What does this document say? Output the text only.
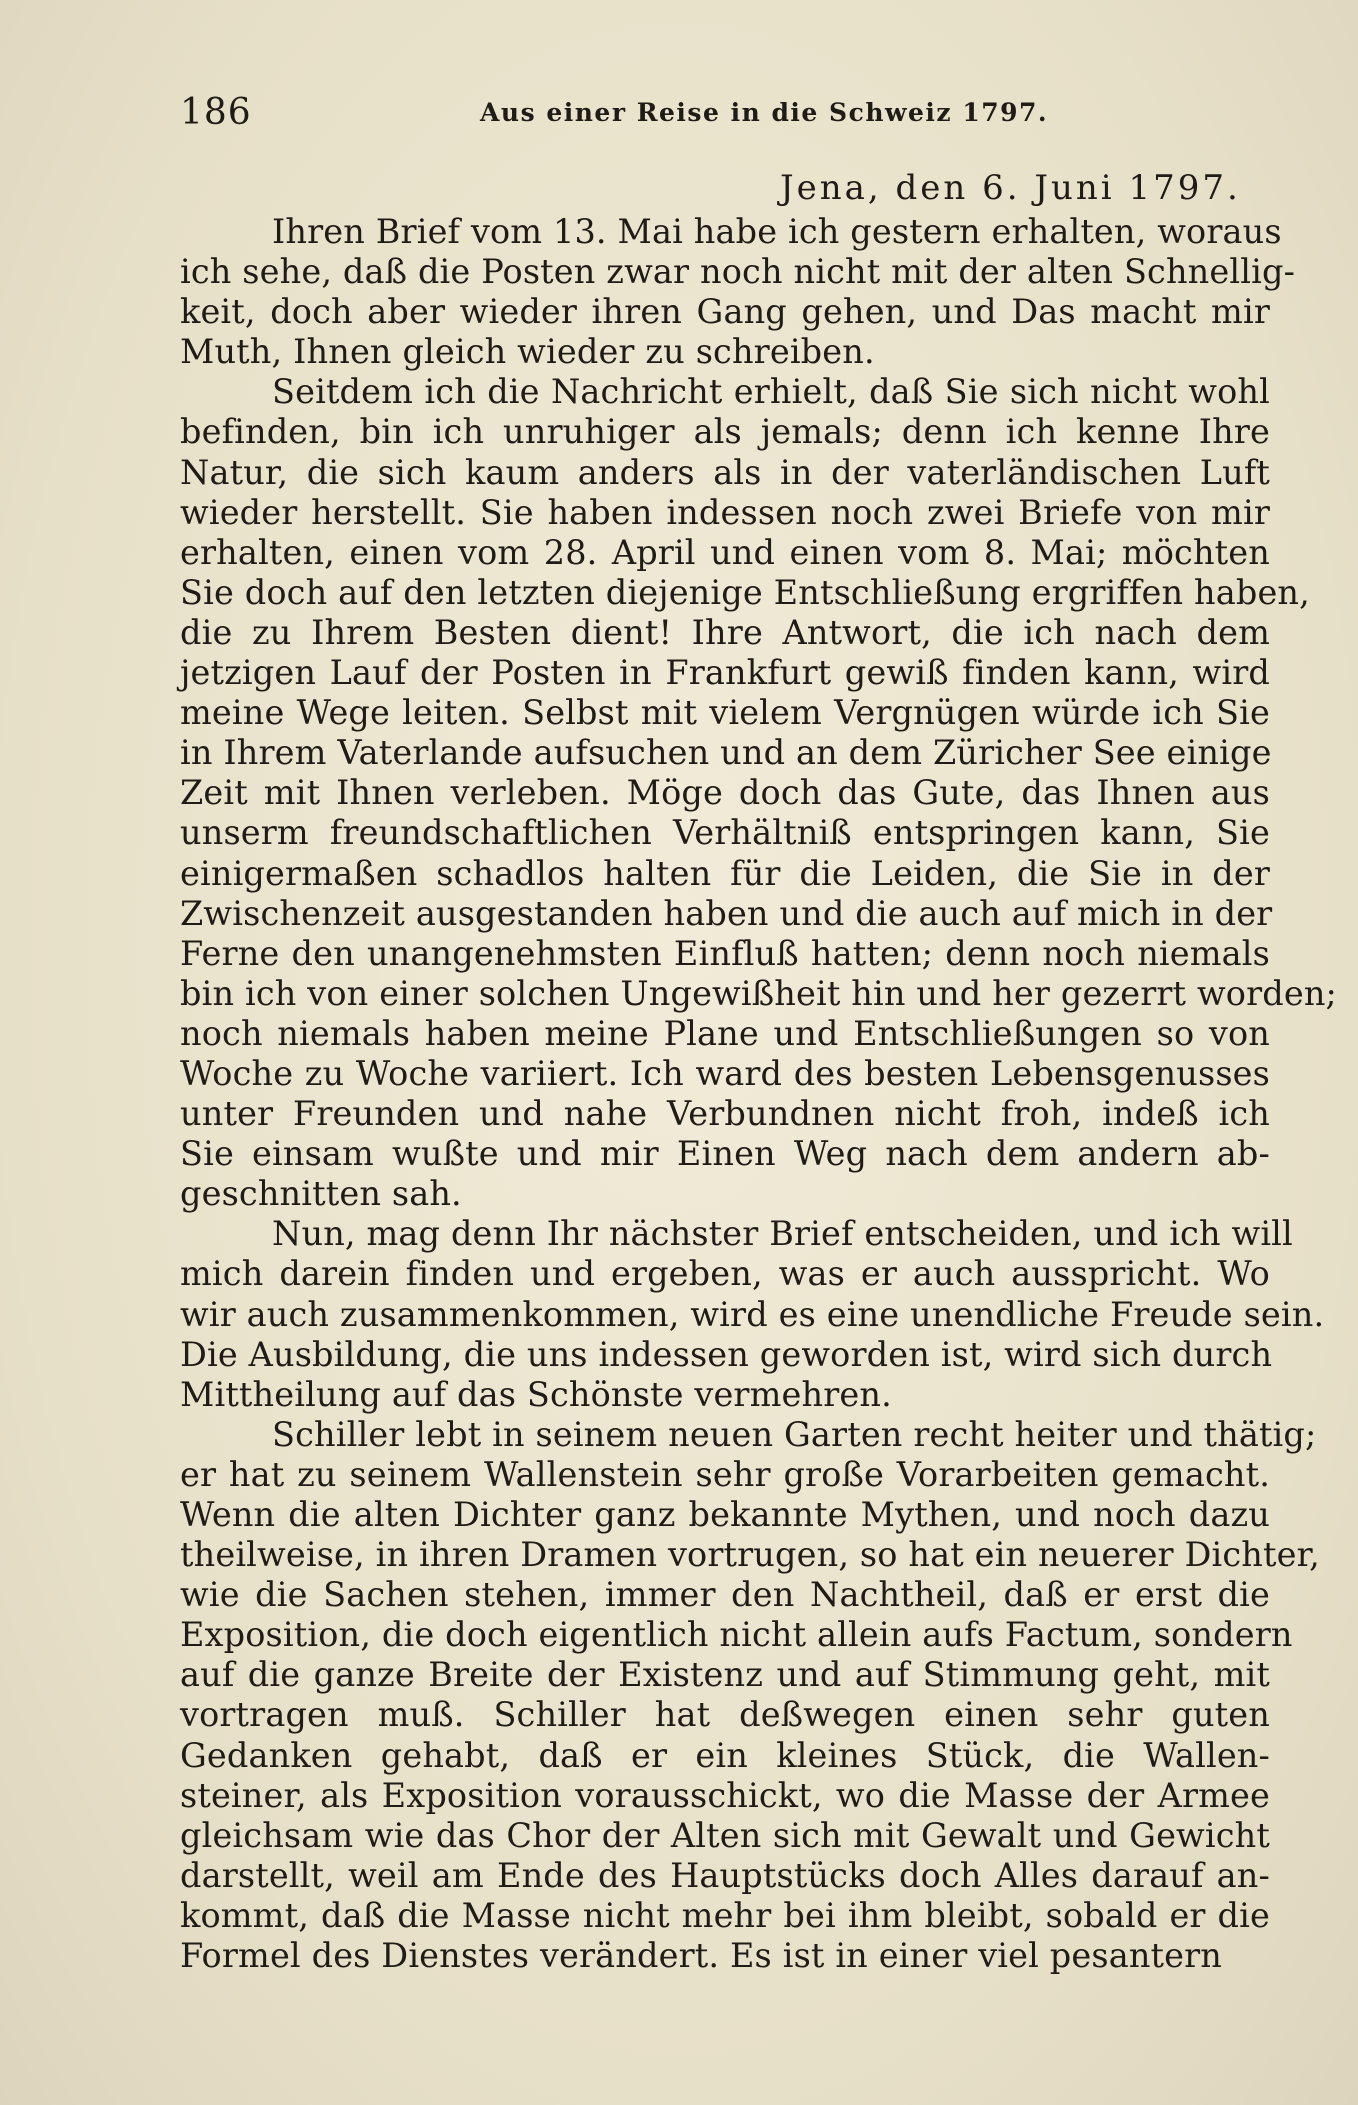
186	Aus einer Reise in die Schweiz 1797.
Jena, den 6. Juni 1797.

Ihren Brief vom 13. Mai habe ich gestern erhalten, woraus
ich sehe, daß die Posten zwar noch nicht mit der alten Schnellig-
keit, doch aber wieder ihren Gang gehen, und Das macht mir
Muth, Ihnen gleich wieder zu schreiben.

Seitdem ich die Nachricht erhielt, daß Sie sich nicht wohl
befinden, bin ich unruhiger als jemals; denn ich kenne Ihre
Natur, die sich kaum anders als in der vaterländischen Luft
wieder herstellt. Sie haben indessen noch zwei Briefe von mir
erhalten, einen vom 28. April und einen vom 8. Mai; möchten
Sie doch auf den letzten diejenige Entschließung ergriffen haben,
die zu Ihrem Besten dient! Ihre Antwort, die ich nach dem
jetzigen Lauf der Posten in Frankfurt gewiß finden kann, wird
meine Wege leiten. Selbst mit vielem Vergnügen würde ich Sie
in Ihrem Vaterlande aufsuchen und an dem Züricher See einige
Zeit mit Ihnen verleben. Möge doch das Gute, das Ihnen aus
unserm freundschaftlichen Verhältniß entspringen kann, Sie
einigermaßen schadlos halten für die Leiden, die Sie in der
Zwischenzeit ausgestanden haben und die auch auf mich in der
Ferne den unangenehmsten Einfluß hatten; denn noch niemals
bin ich von einer solchen Ungewißheit hin und her gezerrt worden;
noch niemals haben meine Plane und Entschließungen so von
Woche zu Woche variiert. Ich ward des besten Lebensgenusses
unter Freunden und nahe Verbundnen nicht froh, indeß ich
Sie einsam wußte und mir Einen Weg nach dem andern ab-
geschnitten sah.

Nun, mag denn Ihr nächster Brief entscheiden, und ich will
mich darein finden und ergeben, was er auch ausspricht. Wo
wir auch zusammenkommen, wird es eine unendliche Freude sein.
Die Ausbildung, die uns indessen geworden ist, wird sich durch
Mittheilung auf das Schönste vermehren.

Schiller lebt in seinem neuen Garten recht heiter und thätig;
er hat zu seinem Wallenstein sehr große Vorarbeiten gemacht.
Wenn die alten Dichter ganz bekannte Mythen, und noch dazu
theilweise, in ihren Dramen vortrugen, so hat ein neuerer Dichter,
wie die Sachen stehen, immer den Nachtheil, daß er erst die
Exposition, die doch eigentlich nicht allein aufs Factum, sondern
auf die ganze Breite der Existenz und auf Stimmung geht, mit
vortragen muß. Schiller hat deßwegen einen sehr guten
Gedanken gehabt, daß er ein kleines Stück, die Wallen-
steiner, als Exposition vorausschickt, wo die Masse der Armee
gleichsam wie das Chor der Alten sich mit Gewalt und Gewicht
darstellt, weil am Ende des Hauptstücks doch Alles darauf an-
kommt, daß die Masse nicht mehr bei ihm bleibt, sobald er die
Formel des Dienstes verändert. Es ist in einer viel pesantern
